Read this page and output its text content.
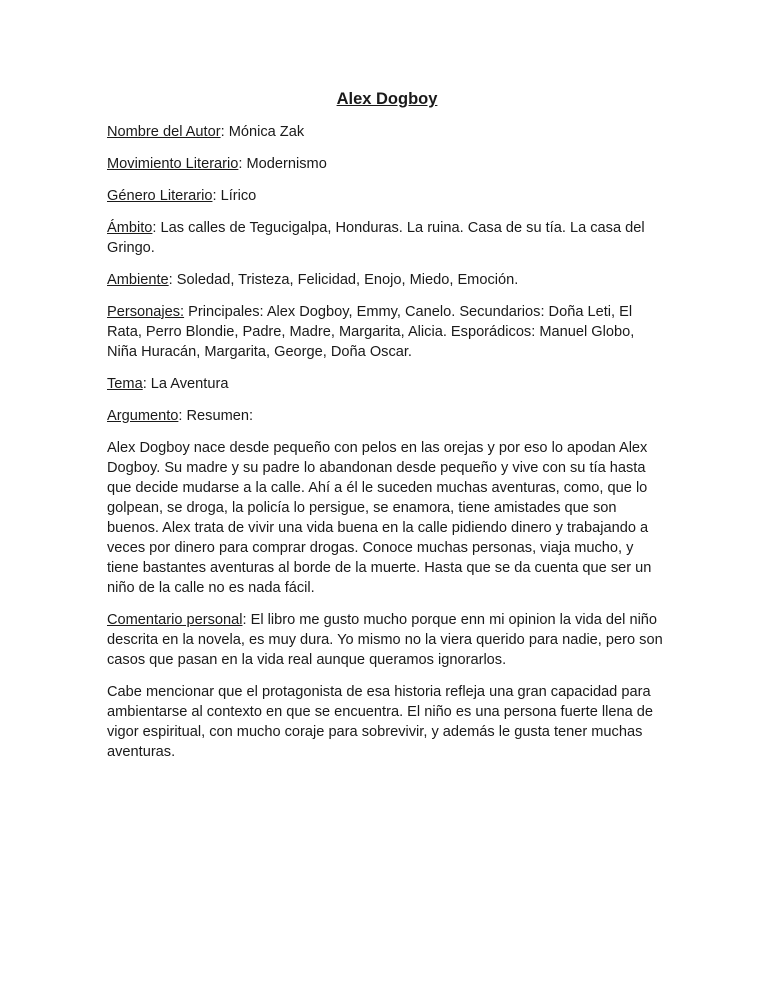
Alex Dogboy
Nombre del Autor: Mónica Zak
Movimiento Literario: Modernismo
Género Literario: Lírico
Ámbito: Las calles de Tegucigalpa, Honduras. La ruina. Casa de su tía. La casa del Gringo.
Ambiente: Soledad, Tristeza, Felicidad, Enojo, Miedo, Emoción.
Personajes: Principales: Alex Dogboy, Emmy, Canelo. Secundarios: Doña Leti, El Rata, Perro Blondie, Padre, Madre, Margarita, Alicia. Esporádicos: Manuel Globo, Niña Huracán, Margarita, George, Doña Oscar.
Tema: La Aventura
Argumento: Resumen:
Alex Dogboy nace desde pequeño con pelos en las orejas y por eso lo apodan Alex Dogboy. Su madre y su padre lo abandonan desde pequeño y vive con su tía hasta que decide mudarse a la calle. Ahí a él le suceden muchas aventuras, como, que lo golpean, se droga, la policía lo persigue, se enamora, tiene amistades que son buenos. Alex trata de vivir una vida buena en la calle pidiendo dinero y trabajando a veces por dinero para comprar drogas. Conoce muchas personas, viaja mucho, y tiene bastantes aventuras al borde de la muerte. Hasta que se da cuenta que ser un niño de la calle no es nada fácil.
Comentario personal: El libro me gusto mucho porque enn mi opinion la vida del niño descrita en la novela, es muy dura. Yo mismo no la viera querido para nadie, pero son casos que pasan en la vida real aunque queramos ignorarlos.
Cabe mencionar que el protagonista de esa historia refleja una gran capacidad para ambientarse al contexto en que se encuentra. El niño es una persona fuerte llena de vigor espiritual, con mucho coraje para sobrevivir, y además le gusta tener muchas aventuras.
